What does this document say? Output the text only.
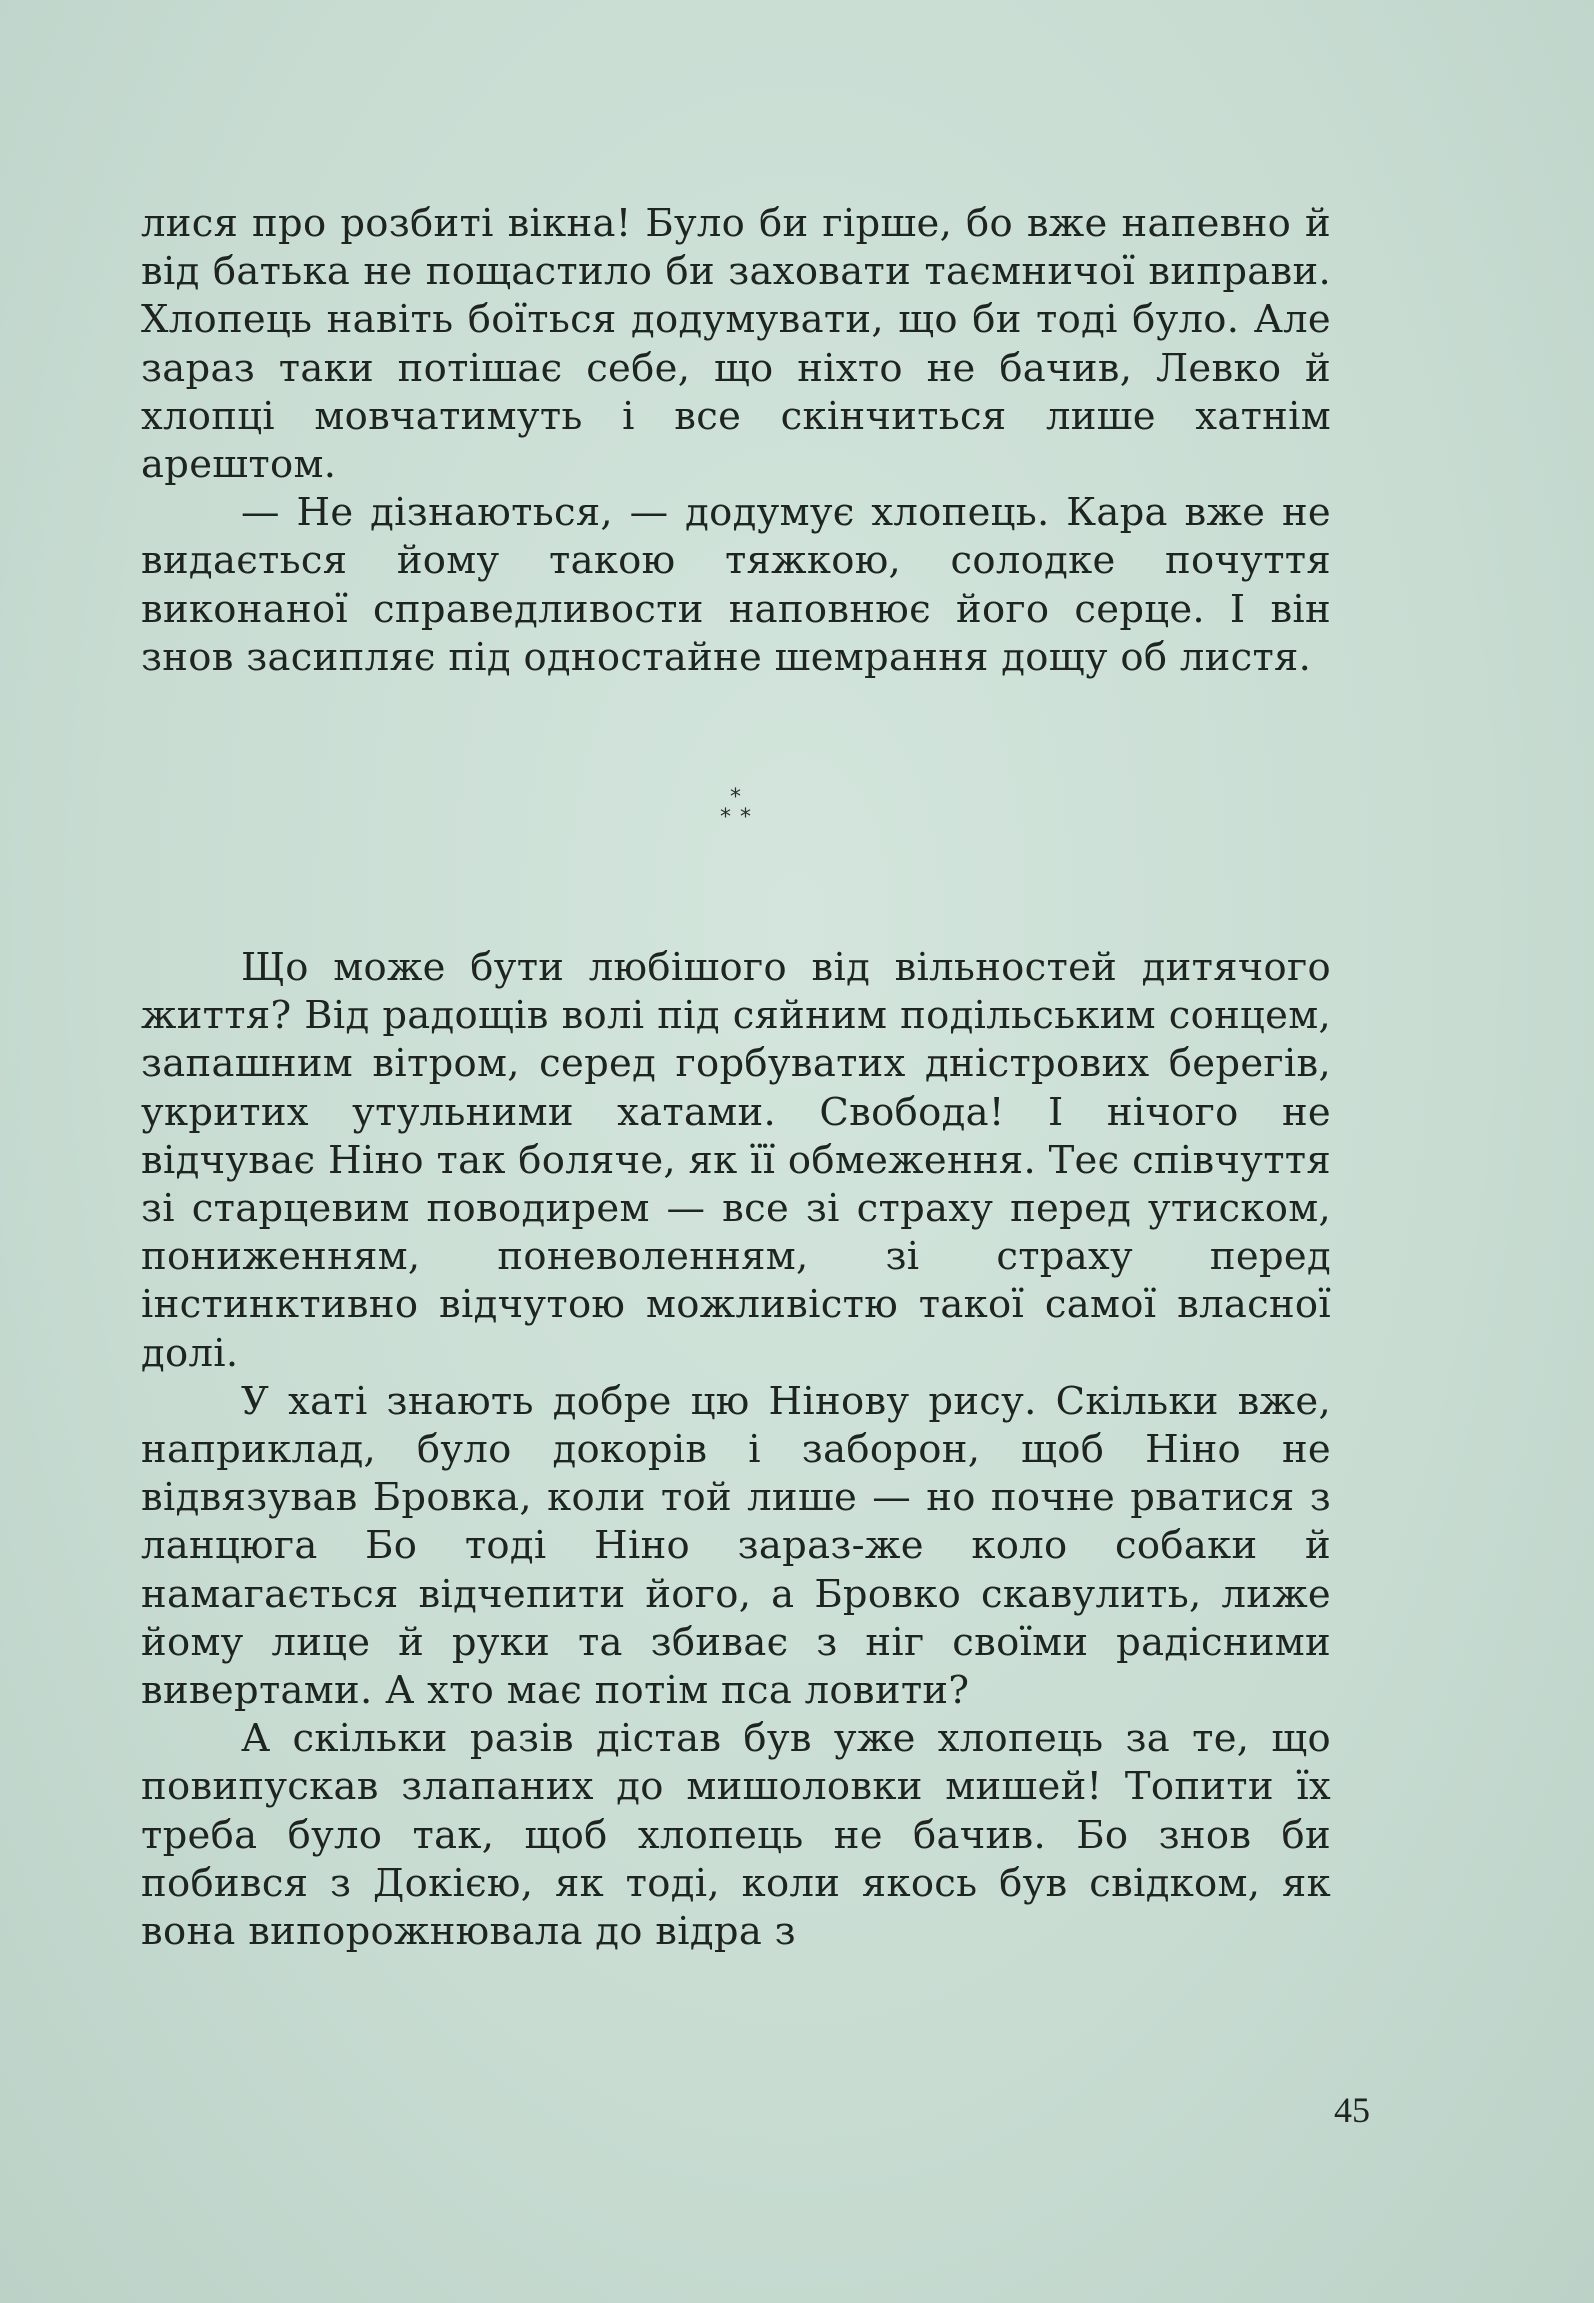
лися про розбиті вікна! Було би гірше, бо вже напевно й від батька не пощастило би заховати таємничої виправи. Хлопець навіть боїться додумувати, що би тоді було. Але зараз таки потішає себе, що ніхто не бачив, Левко й хлопці мовчатимуть і все скінчиться лише хатнім арештом.

— Не дізнаються, — додумує хлопець. Кара вже не видається йому такою тяжкою, солодке почуття виконаної справедливости наповнює його серце. І він знов засипляє під одностайне шемрання дощу об листя.

*
* *

Що може бути любішого від вільностей дитячого життя? Від радощів волі під сяйним подільським сонцем, запашним вітром, серед горбуватих дністрових берегів, укритих утульними хатами. Свобода! І нічого не відчуває Ніно так боляче, як її обмеження. Теє співчуття зі старцевим поводирем — все зі страху перед утиском, пониженням, поневоленням, зі страху перед інстинктивно відчутою можливістю такої самої власної долі.

У хаті знають добре цю Нінову рису. Скільки вже, наприклад, було докорів і заборон, щоб Ніно не відвязував Бровка, коли той лише — но почне рватися з ланцюга Бо тоді Ніно зараз-же коло собаки й намагається відчепити його, а Бровко скавулить, лиже йому лице й руки та збиває з ніг своїми радісними вивертами. А хто має потім пса ловити?

А скільки разів дістав був уже хлопець за те, що повипускав злапаних до мишоловки мишей! Топити їх треба було так, щоб хлопець не бачив. Бо знов би побився з Докією, як тоді, коли якось був свідком, як вона випорожнювала до відра з

45
